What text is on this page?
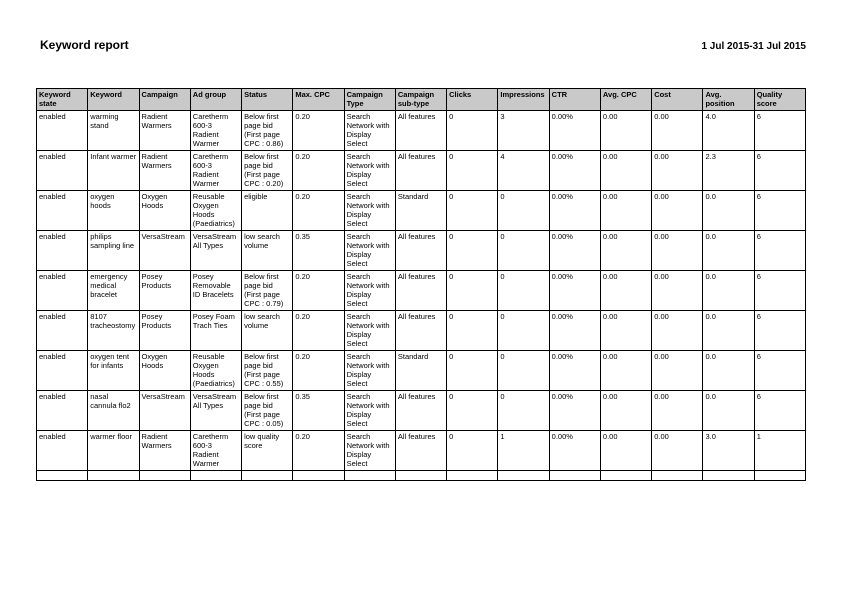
Keyword report	1 Jul 2015-31 Jul 2015
Keyword state	Keyword	Campaign	Ad group	Status	Max. CPC	Campaign Type	Campaign sub-type	Clicks	Impressions	CTR	Avg. CPC	Cost	Avg. position	Quality score
enabled	warming stand	Radient Warmers	Caretherm 600-3 Radient Warmer	Below first page bid (First page CPC : 0.86)	0.20	Search Network with Display Select	All features	0	3	0.00%	0.00	0.00	4.0	6
enabled	Infant warmer	Radient Warmers	Caretherm 600-3 Radient Warmer	Below first page bid (First page CPC : 0.20)	0.20	Search Network with Display Select	All features	0	4	0.00%	0.00	0.00	2.3	6
enabled	oxygen hoods	Oxygen Hoods	Reusable Oxygen Hoods (Paediatrics)	eligible	0.20	Search Network with Display Select	Standard	0	0	0.00%	0.00	0.00	0.0	6
enabled	philips sampling line	VersaStream	VersaStream All Types	low search volume	0.35	Search Network with Display Select	All features	0	0	0.00%	0.00	0.00	0.0	6
enabled	emergency medical bracelet	Posey Products	Posey Removable ID Bracelets	Below first page bid (First page CPC : 0.79)	0.20	Search Network with Display Select	All features	0	0	0.00%	0.00	0.00	0.0	6
enabled	8107 tracheostomy	Posey Products	Posey Foam Trach Ties	low search volume	0.20	Search Network with Display Select	All features	0	0	0.00%	0.00	0.00	0.0	6
enabled	oxygen tent for infants	Oxygen Hoods	Reusable Oxygen Hoods (Paediatrics)	Below first page bid (First page CPC : 0.55)	0.20	Search Network with Display Select	Standard	0	0	0.00%	0.00	0.00	0.0	6
enabled	nasal cannula flo2	VersaStream	VersaStream All Types	Below first page bid (First page CPC : 0.05)	0.35	Search Network with Display Select	All features	0	0	0.00%	0.00	0.00	0.0	6
enabled	warmer floor	Radient Warmers	Caretherm 600-3 Radient Warmer	low quality score	0.20	Search Network with Display Select	All features	0	1	0.00%	0.00	0.00	3.0	1
